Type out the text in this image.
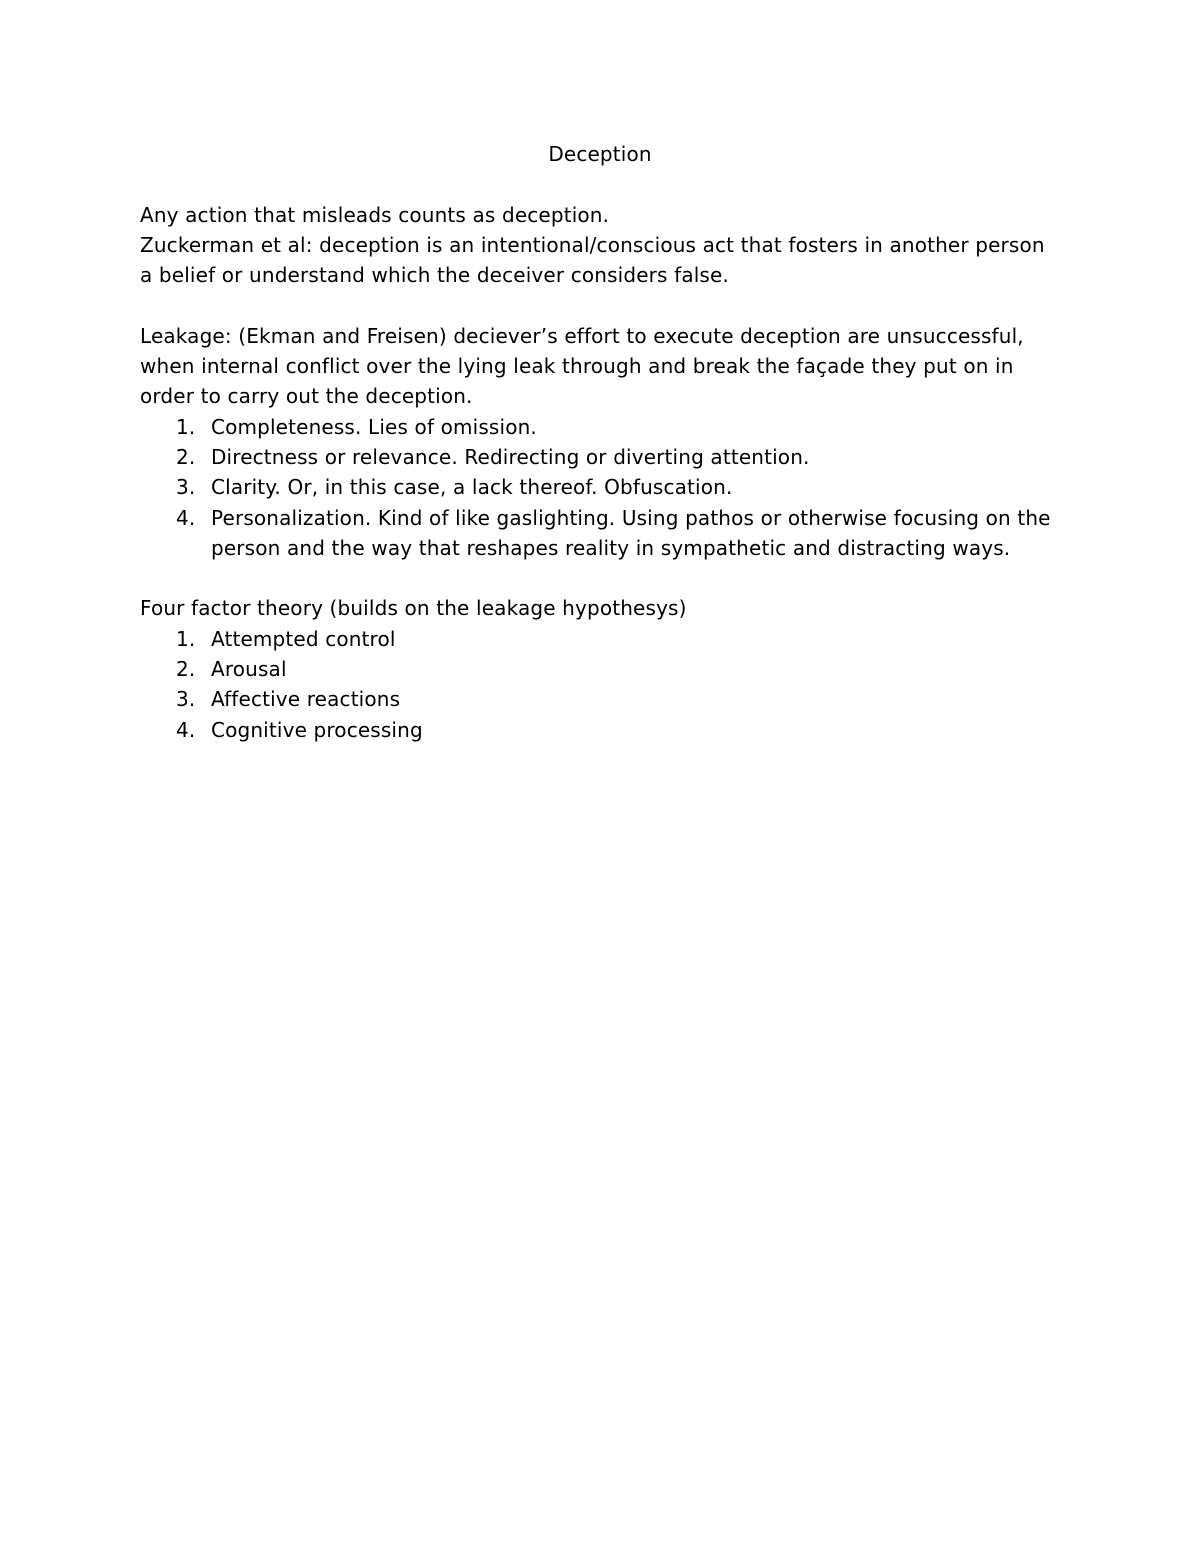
Deception

Any action that misleads counts as deception.

Zuckerman et al: deception is an intentional/conscious act that fosters in another person a belief or understand which the deceiver considers false.

Leakage: (Ekman and Freisen) deciever’s effort to execute deception are unsuccessful, when internal conflict over the lying leak through and break the façade they put on in order to carry out the deception.

1. Completeness. Lies of omission.
2. Directness or relevance. Redirecting or diverting attention.
3. Clarity. Or, in this case, a lack thereof. Obfuscation.
4. Personalization. Kind of like gaslighting. Using pathos or otherwise focusing on the person and the way that reshapes reality in sympathetic and distracting ways.

Four factor theory (builds on the leakage hypothesys)

1. Attempted control
2. Arousal
3. Affective reactions
4. Cognitive processing
